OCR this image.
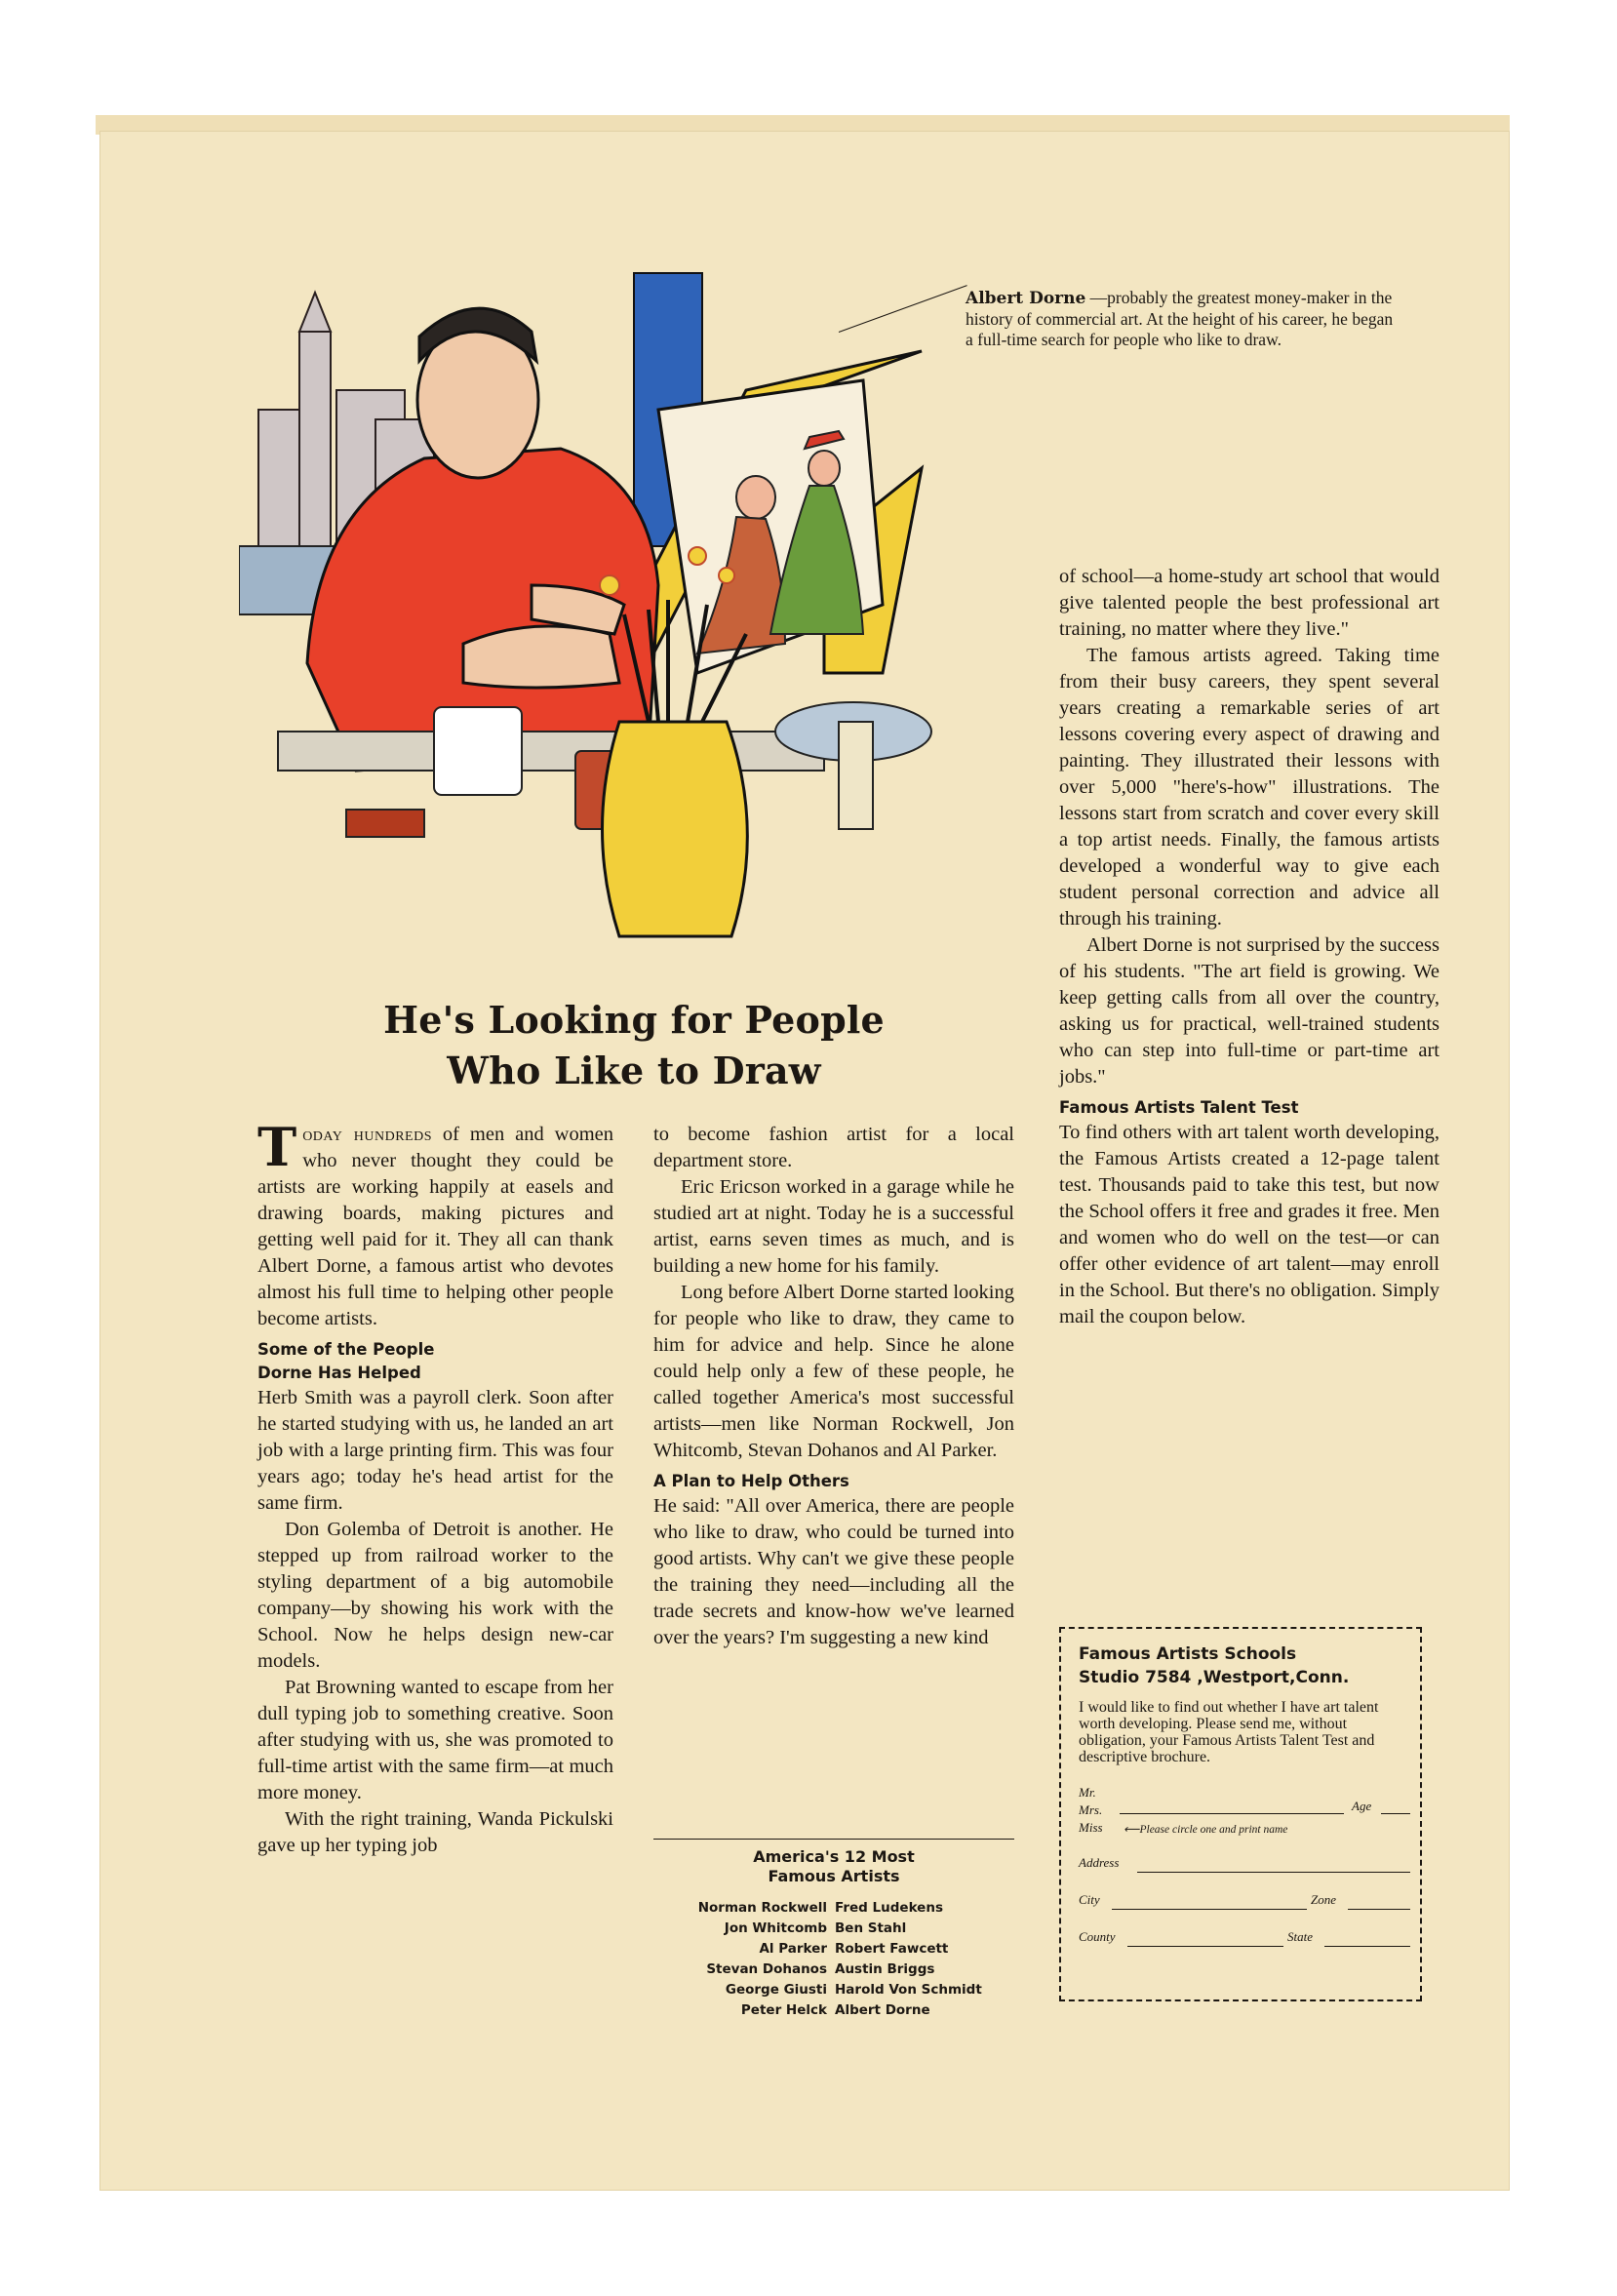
Albert Dorne —probably the greatest money-maker in the history of commercial art. At the height of his career, he began a full-time search for people who like to draw.
He's Looking for People
Who Like to Draw

Today hundreds of men and women who never thought they could be artists are working happily at easels and drawing boards, making pictures and getting well paid for it. They all can thank Albert Dorne, a famous artist who devotes almost his full time to helping other people become artists.

Some of the People
Dorne Has Helped

Herb Smith was a payroll clerk. Soon after he started studying with us, he landed an art job with a large printing firm. This was four years ago; today he's head artist for the same firm.

Don Golemba of Detroit is another. He stepped up from railroad worker to the styling department of a big automobile company—by showing his work with the School. Now he helps design new-car models.

Pat Browning wanted to escape from her dull typing job to something creative. Soon after studying with us, she was promoted to full-time artist with the same firm—at much more money.

With the right training, Wanda Pickulski gave up her typing job

to become fashion artist for a local department store.

Eric Ericson worked in a garage while he studied art at night. Today he is a successful artist, earns seven times as much, and is building a new home for his family.

Long before Albert Dorne started looking for people who like to draw, they came to him for advice and help. Since he alone could help only a few of these people, he called together America's most successful artists—men like Norman Rockwell, Jon Whitcomb, Stevan Dohanos and Al Parker.

A Plan to Help Others

He said: "All over America, there are people who like to draw, who could be turned into good artists. Why can't we give these people the training they need—including all the trade secrets and know-how we've learned over the years? I'm suggesting a new kind

America's 12 Most
Famous Artists
Norman Rockwell Fred Ludekens
Jon Whitcomb Ben Stahl
Al Parker Robert Fawcett
Stevan Dohanos Austin Briggs
George Giusti Harold Von Schmidt
Peter Helck Albert Dorne

of school—a home-study art school that would give talented people the best professional art training, no matter where they live."

The famous artists agreed. Taking time from their busy careers, they spent several years creating a remarkable series of art lessons covering every aspect of drawing and painting. They illustrated their lessons with over 5,000 "here's-how" illustrations. The lessons start from scratch and cover every skill a top artist needs. Finally, the famous artists developed a wonderful way to give each student personal correction and advice all through his training.

Albert Dorne is not surprised by the success of his students. "The art field is growing. We keep getting calls from all over the country, asking us for practical, well-trained students who can step into full-time or part-time art jobs."

Famous Artists Talent Test

To find others with art talent worth developing, the Famous Artists created a 12-page talent test. Thousands paid to take this test, but now the School offers it free and grades it free. Men and women who do well on the test—or can offer other evidence of art talent—may enroll in the School. But there's no obligation. Simply mail the coupon below.

Famous Artists Schools
Studio 7584 ,Westport,Conn.
I would like to find out whether I have art talent worth developing. Please send me, without obligation, your Famous Artists Talent Test and descriptive brochure.
Mr.
Mrs.
Miss
Age
⟵Please circle one and print name
Address
City	Zone
County	State
